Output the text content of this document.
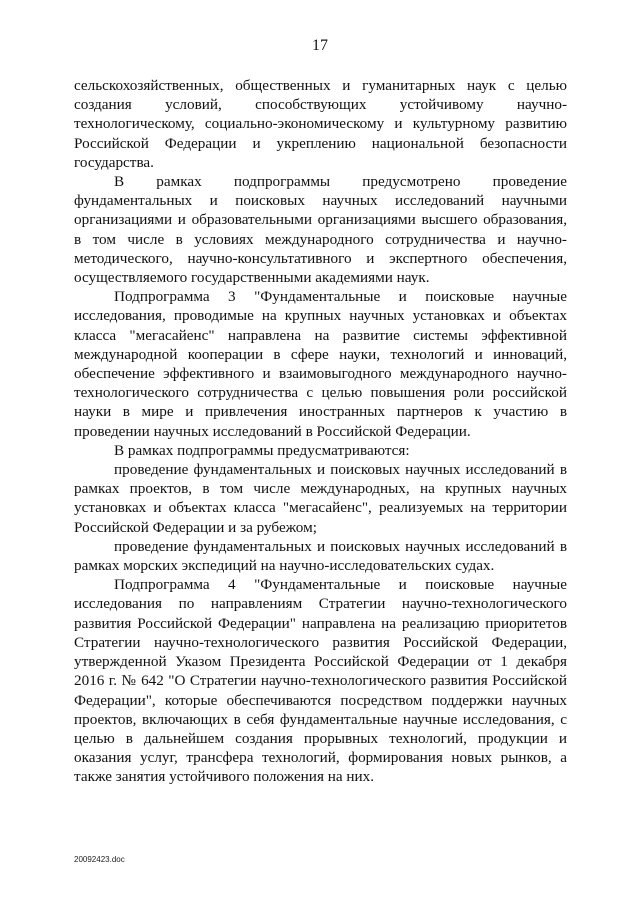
17

сельскохозяйственных, общественных и гуманитарных наук с целью создания условий, способствующих устойчивому научно-технологическому, социально-экономическому и культурному развитию Российской Федерации и укреплению национальной безопасности государства.

В рамках подпрограммы предусмотрено проведение фундаментальных и поисковых научных исследований научными организациями и образовательными организациями высшего образования, в том числе в условиях международного сотрудничества и научно-методического, научно-консультативного и экспертного обеспечения, осуществляемого государственными академиями наук.

Подпрограмма 3 "Фундаментальные и поисковые научные исследования, проводимые на крупных научных установках и объектах класса "мегасайенс" направлена на развитие системы эффективной международной кооперации в сфере науки, технологий и инноваций, обеспечение эффективного и взаимовыгодного международного научно-технологического сотрудничества с целью повышения роли российской науки в мире и привлечения иностранных партнеров к участию в проведении научных исследований в Российской Федерации.

В рамках подпрограммы предусматриваются:

проведение фундаментальных и поисковых научных исследований в рамках проектов, в том числе международных, на крупных научных установках и объектах класса "мегасайенс", реализуемых на территории Российской Федерации и за рубежом;

проведение фундаментальных и поисковых научных исследований в рамках морских экспедиций на научно-исследовательских судах.

Подпрограмма 4 "Фундаментальные и поисковые научные исследования по направлениям Стратегии научно-технологического развития Российской Федерации" направлена на реализацию приоритетов Стратегии научно-технологического развития Российской Федерации, утвержденной Указом Президента Российской Федерации от 1 декабря 2016 г. № 642 "О Стратегии научно-технологического развития Российской Федерации", которые обеспечиваются посредством поддержки научных проектов, включающих в себя фундаментальные научные исследования, с целью в дальнейшем создания прорывных технологий, продукции и оказания услуг, трансфера технологий, формирования новых рынков, а также занятия устойчивого положения на них.

20092423.doc
